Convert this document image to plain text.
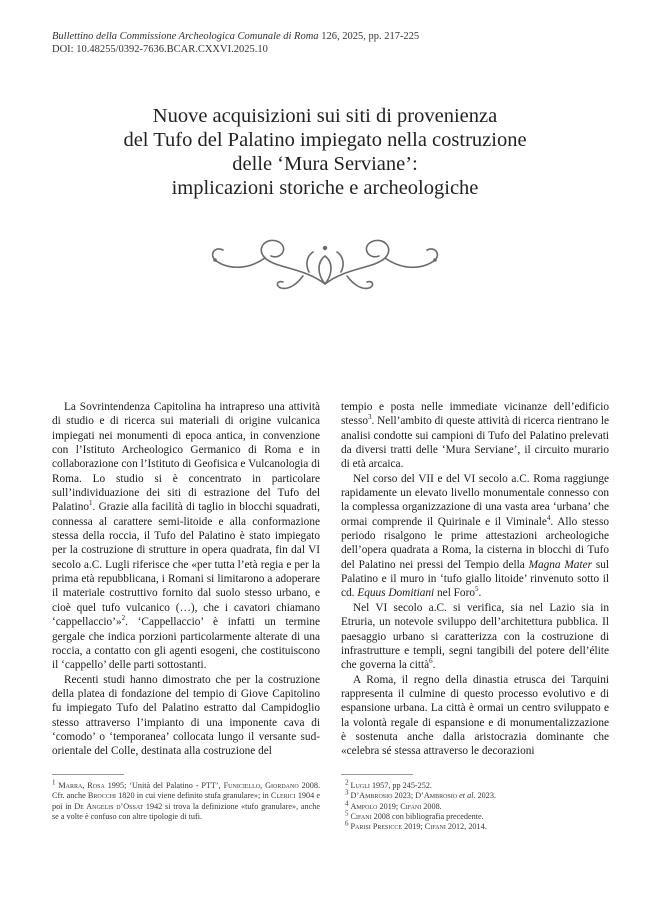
Bullettino della Commissione Archeologica Comunale di Roma 126, 2025, pp. 217-225
DOI: 10.48255/0392-7636.BCAR.CXXVI.2025.10
Nuove acquisizioni sui siti di provenienza
del Tufo del Palatino impiegato nella costruzione
delle ‘Mura Serviane’:
implicazioni storiche e archeologiche

La Sovrintendenza Capitolina ha intrapreso una attività di studio e di ricerca sui materiali di origine vulcanica impiegati nei monumenti di epoca antica, in convenzione con l’Istituto Archeologico Germanico di Roma e in collaborazione con l’Istituto di Geofisica e Vulcanologia di Roma. Lo studio si è concentrato in particolare sull’individuazione dei siti di estrazione del Tufo del Palatino$^1$. Grazie alla facilità di taglio in blocchi squadrati, connessa al carattere semi-litoide e alla conformazione stessa della roccia, il Tufo del Palatino è stato impiegato per la costruzione di strutture in opera quadrata, fin dal VI secolo a.C. Lugli riferisce che «per tutta l’età regia e per la prima età repubblicana, i Romani si limitarono a adoperare il materiale costruttivo fornito dal suolo stesso urbano, e cioè quel tufo vulcanico (…), che i cavatori chiamano ‘cappellaccio’»$^2$. ‘Cappellaccio’ è infatti un termine gergale che indica porzioni particolarmente alterate di una roccia, a contatto con gli agenti esogeni, che costituiscono il ‘cappello’ delle parti sottostanti.

Recenti studi hanno dimostrato che per la costruzione della platea di fondazione del tempio di Giove Capitolino fu impiegato Tufo del Palatino estratto dal Campidoglio stesso attraverso l’impianto di una imponente cava di ‘comodo’ o ‘temporanea’ collocata lungo il versante sud-orientale del Colle, destinata alla costruzione del

tempio e posta nelle immediate vicinanze dell’edificio stesso$^3$. Nell’ambito di queste attività di ricerca rientrano le analisi condotte sui campioni di Tufo del Palatino prelevati da diversi tratti delle ‘Mura Serviane’, il circuito murario di età arcaica.

Nel corso del VII e del VI secolo a.C. Roma raggiunge rapidamente un elevato livello monumentale connesso con la complessa organizzazione di una vasta area ‘urbana’ che ormai comprende il Quirinale e il Viminale$^4$. Allo stesso periodo risalgono le prime attestazioni archeologiche dell’opera quadrata a Roma, la cisterna in blocchi di Tufo del Palatino nei pressi del Tempio della Magna Mater sul Palatino e il muro in ‘tufo giallo litoide’ rinvenuto sotto il cd. Equus Domitiani nel Foro$^5$.

Nel VI secolo a.C. si verifica, sia nel Lazio sia in Etruria, un notevole sviluppo dell’architettura pubblica. Il paesaggio urbano si caratterizza con la costruzione di infrastrutture e templi, segni tangibili del potere dell’élite che governa la città$^6$.

A Roma, il regno della dinastia etrusca dei Tarquini rappresenta il culmine di questo processo evolutivo e di espansione urbana. La città è ormai un centro sviluppato e la volontà regale di espansione e di monumentalizzazione è sostenuta anche dalla aristocrazia dominante che «celebra sé stessa attraverso le decorazioni

$^1$ Marra, Rosa 1995; ‘Unità del Palatino - PTT’, Funiciello, Giordano 2008. Cfr. anche Brocchi 1820 in cui viene definito stufa granulare»; in Clerici 1904 e poi in De Angelis d’Ossat 1942 si trova la definizione «tufo granulare», anche se a volte è confuso con altre tipologie di tufi.

$^2$ Lugli 1957, pp 245-252.

$^3$ D’Ambrosio 2023; D’Ambrosio et al. 2023.

$^4$ Ampolo 2019; Cifani 2008.

$^5$ Cifani 2008 con bibliografia precedente.

$^6$ Parisi Presicce 2019; Cifani 2012, 2014.
